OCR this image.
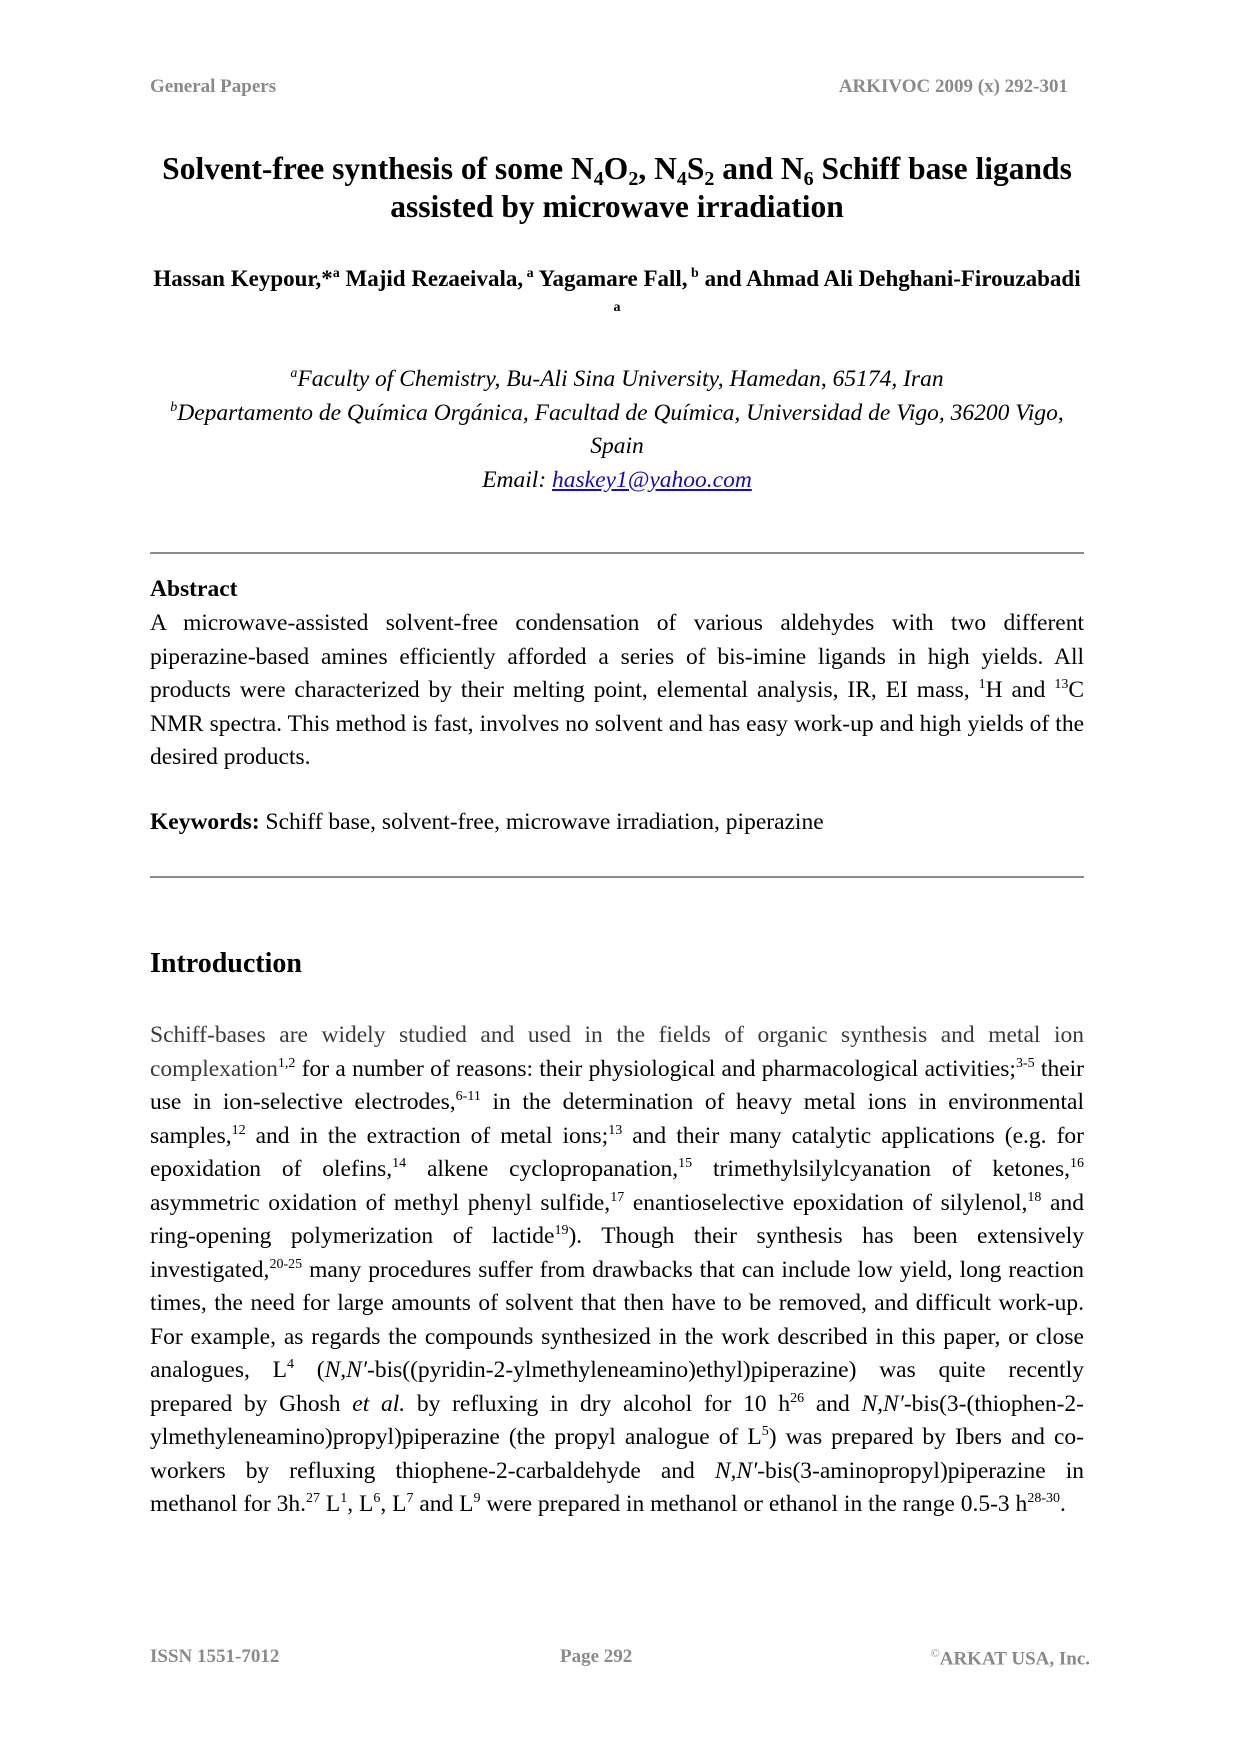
General Papers	ARKIVOC 2009 (x) 292-301
Solvent-free synthesis of some $N_4O_2$, $N_4S_2$ and $N_6$ Schiff base ligands assisted by microwave irradiation
Hassan Keypour,*$^a$ Majid Rezaeivala, $^a$ Yagamare Fall, $^b$ and Ahmad Ali Dehghani-Firouzabadi $^a$
$^a$Faculty of Chemistry, Bu-Ali Sina University, Hamedan, 65174, Iran
$^b$Departamento de Química Orgánica, Facultad de Química, Universidad de Vigo, 36200 Vigo, Spain
Email: haskey1@yahoo.com
Abstract
A microwave-assisted solvent-free condensation of various aldehydes with two different piperazine-based amines efficiently afforded a series of bis-imine ligands in high yields. All products were characterized by their melting point, elemental analysis, IR, EI mass, $^1$H and $^{13}$C NMR spectra. This method is fast, involves no solvent and has easy work-up and high yields of the desired products.
Keywords: Schiff base, solvent-free, microwave irradiation, piperazine
Introduction
Schiff-bases are widely studied and used in the fields of organic synthesis and metal ion complexation$^{1,2}$ for a number of reasons: their physiological and pharmacological activities;$^{3-5}$ their use in ion-selective electrodes,$^{6-11}$ in the determination of heavy metal ions in environmental samples,$^{12}$ and in the extraction of metal ions;$^{13}$ and their many catalytic applications (e.g. for epoxidation of olefins,$^{14}$ alkene cyclopropanation,$^{15}$ trimethylsilylcyanation of ketones,$^{16}$ asymmetric oxidation of methyl phenyl sulfide,$^{17}$ enantioselective epoxidation of silylenol,$^{18}$ and ring-opening polymerization of lactide$^{19}$). Though their synthesis has been extensively investigated,$^{20-25}$ many procedures suffer from drawbacks that can include low yield, long reaction times, the need for large amounts of solvent that then have to be removed, and difficult work-up. For example, as regards the compounds synthesized in the work described in this paper, or close analogues, $L^4$ (N,N′-bis((pyridin-2-ylmethyleneamino)ethyl)piperazine) was quite recently prepared by Ghosh et al. by refluxing in dry alcohol for 10 $h^{26}$ and N,N′-bis(3-(thiophen-2-ylmethyleneamino)propyl)piperazine (the propyl analogue of $L^5$) was prepared by Ibers and co-workers by refluxing thiophene-2-carbaldehyde and N,N′-bis(3-aminopropyl)piperazine in methanol for 3h.$^{27}$ $L^1$, $L^6$, $L^7$ and $L^9$ were prepared in methanol or ethanol in the range 0.5-3 $h^{28-30}$.
ISSN 1551-7012	Page 292	©ARKAT USA, Inc.
